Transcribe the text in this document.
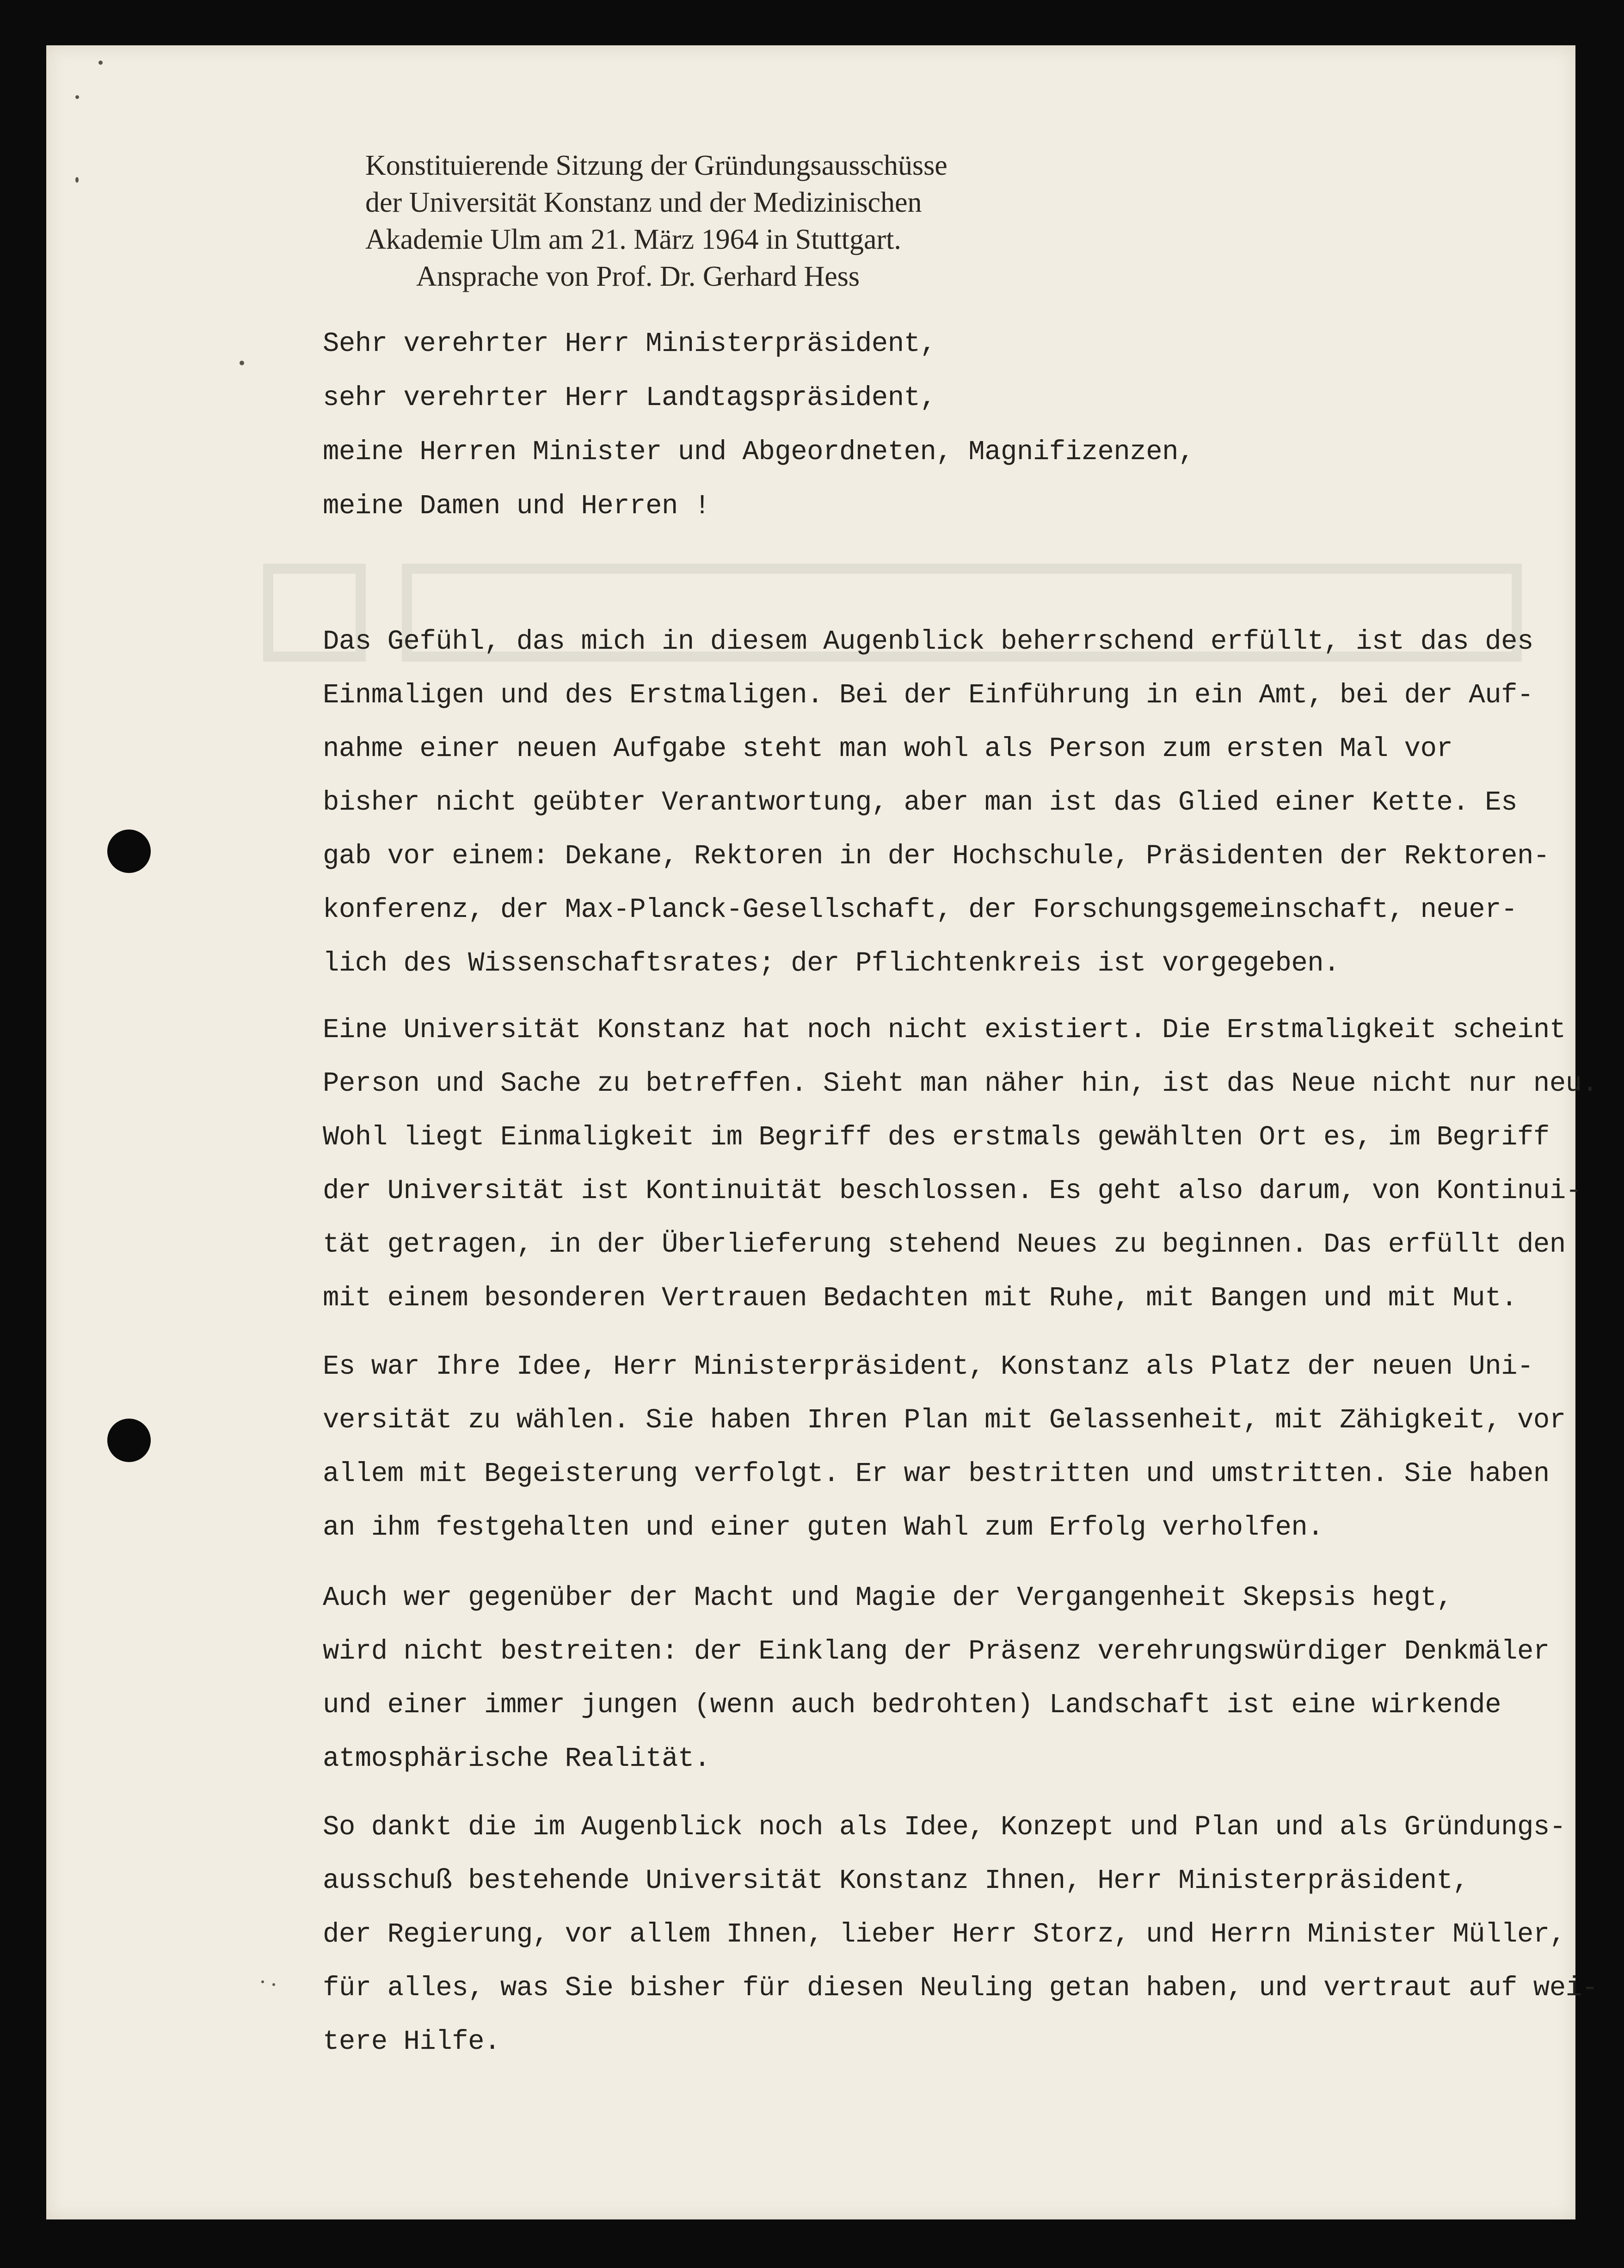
Konstituierende Sitzung der Gründungsausschüsse
der Universität Konstanz und der Medizinischen
Akademie Ulm am 21. März 1964 in Stuttgart.
Ansprache von Prof. Dr. Gerhard Hess
Sehr verehrter Herr Ministerpräsident,
sehr verehrter Herr Landtagspräsident,
meine Herren Minister und Abgeordneten, Magnifizenzen,
meine Damen und Herren !
Das Gefühl, das mich in diesem Augenblick beherrschend erfüllt, ist das des
Einmaligen und des Erstmaligen. Bei der Einführung in ein Amt, bei der Auf-
nahme einer neuen Aufgabe steht man wohl als Person zum ersten Mal vor
bisher nicht geübter Verantwortung, aber man ist das Glied einer Kette. Es
gab vor einem: Dekane, Rektoren in der Hochschule, Präsidenten der Rektoren-
konferenz, der Max-Planck-Gesellschaft, der Forschungsgemeinschaft, neuer-
lich des Wissenschaftsrates; der Pflichtenkreis ist vorgegeben.
Eine Universität Konstanz hat noch nicht existiert. Die Erstmaligkeit scheint
Person und Sache zu betreffen. Sieht man näher hin, ist das Neue nicht nur neu.
Wohl liegt Einmaligkeit im Begriff des erstmals gewählten Ort es, im Begriff
der Universität ist Kontinuität beschlossen. Es geht also darum, von Kontinui-
tät getragen, in der Überlieferung stehend Neues zu beginnen. Das erfüllt den
mit einem besonderen Vertrauen Bedachten mit Ruhe, mit Bangen und mit Mut.
Es war Ihre Idee, Herr Ministerpräsident, Konstanz als Platz der neuen Uni-
versität zu wählen. Sie haben Ihren Plan mit Gelassenheit, mit Zähigkeit, vor
allem mit Begeisterung verfolgt. Er war bestritten und umstritten. Sie haben
an ihm festgehalten und einer guten Wahl zum Erfolg verholfen.
Auch wer gegenüber der Macht und Magie der Vergangenheit Skepsis hegt,
wird nicht bestreiten: der Einklang der Präsenz verehrungswürdiger Denkmäler
und einer immer jungen (wenn auch bedrohten) Landschaft ist eine wirkende
atmosphärische Realität.
So dankt die im Augenblick noch als Idee, Konzept und Plan und als Gründungs-
ausschuß bestehende Universität Konstanz Ihnen, Herr Ministerpräsident,
der Regierung, vor allem Ihnen, lieber Herr Storz, und Herrn Minister Müller,
für alles, was Sie bisher für diesen Neuling getan haben, und vertraut auf wei-
tere Hilfe.
